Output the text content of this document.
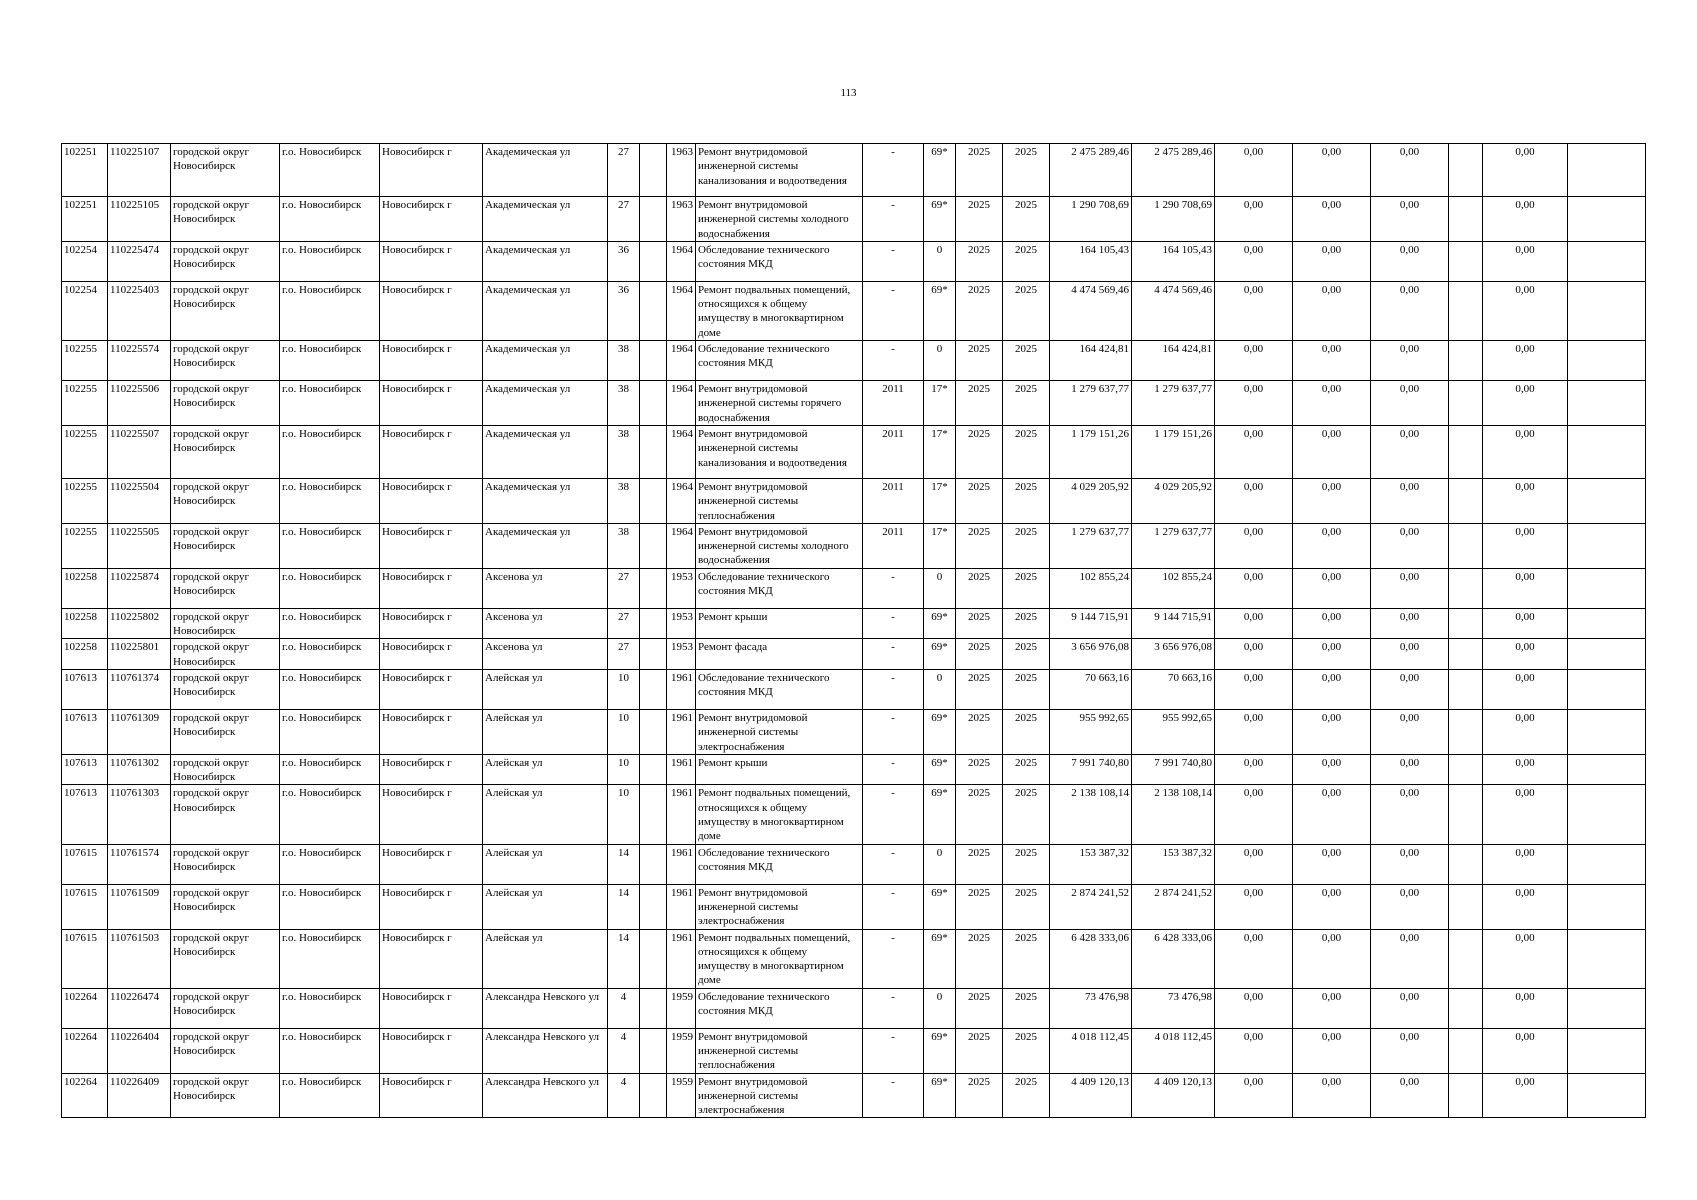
113
102251	110225107	городской округ Новосибирск	г.о. Новосибирск	Новосибирск г	Академическая ул	27		1963	Ремонт внутридомовой инженерной системы канализования и водоотведения	-	69*	2025	2025	2 475 289,46	2 475 289,46	0,00	0,00	0,00		0,00	
102251	110225105	городской округ Новосибирск	г.о. Новосибирск	Новосибирск г	Академическая ул	27		1963	Ремонт внутридомовой инженерной системы холодного водоснабжения	-	69*	2025	2025	1 290 708,69	1 290 708,69	0,00	0,00	0,00		0,00	
102254	110225474	городской округ Новосибирск	г.о. Новосибирск	Новосибирск г	Академическая ул	36		1964	Обследование технического состояния МКД	-	0	2025	2025	164 105,43	164 105,43	0,00	0,00	0,00		0,00	
102254	110225403	городской округ Новосибирск	г.о. Новосибирск	Новосибирск г	Академическая ул	36		1964	Ремонт подвальных помещений, относящихся к общему имуществу в многоквартирном доме	-	69*	2025	2025	4 474 569,46	4 474 569,46	0,00	0,00	0,00		0,00	
102255	110225574	городской округ Новосибирск	г.о. Новосибирск	Новосибирск г	Академическая ул	38		1964	Обследование технического состояния МКД	-	0	2025	2025	164 424,81	164 424,81	0,00	0,00	0,00		0,00	
102255	110225506	городской округ Новосибирск	г.о. Новосибирск	Новосибирск г	Академическая ул	38		1964	Ремонт внутридомовой инженерной системы горячего водоснабжения	2011	17*	2025	2025	1 279 637,77	1 279 637,77	0,00	0,00	0,00		0,00	
102255	110225507	городской округ Новосибирск	г.о. Новосибирск	Новосибирск г	Академическая ул	38		1964	Ремонт внутридомовой инженерной системы канализования и водоотведения	2011	17*	2025	2025	1 179 151,26	1 179 151,26	0,00	0,00	0,00		0,00	
102255	110225504	городской округ Новосибирск	г.о. Новосибирск	Новосибирск г	Академическая ул	38		1964	Ремонт внутридомовой инженерной системы теплоснабжения	2011	17*	2025	2025	4 029 205,92	4 029 205,92	0,00	0,00	0,00		0,00	
102255	110225505	городской округ Новосибирск	г.о. Новосибирск	Новосибирск г	Академическая ул	38		1964	Ремонт внутридомовой инженерной системы холодного водоснабжения	2011	17*	2025	2025	1 279 637,77	1 279 637,77	0,00	0,00	0,00		0,00	
102258	110225874	городской округ Новосибирск	г.о. Новосибирск	Новосибирск г	Аксенова ул	27		1953	Обследование технического состояния МКД	-	0	2025	2025	102 855,24	102 855,24	0,00	0,00	0,00		0,00	
102258	110225802	городской округ Новосибирск	г.о. Новосибирск	Новосибирск г	Аксенова ул	27		1953	Ремонт крыши	-	69*	2025	2025	9 144 715,91	9 144 715,91	0,00	0,00	0,00		0,00	
102258	110225801	городской округ Новосибирск	г.о. Новосибирск	Новосибирск г	Аксенова ул	27		1953	Ремонт фасада	-	69*	2025	2025	3 656 976,08	3 656 976,08	0,00	0,00	0,00		0,00	
107613	110761374	городской округ Новосибирск	г.о. Новосибирск	Новосибирск г	Алейская ул	10		1961	Обследование технического состояния МКД	-	0	2025	2025	70 663,16	70 663,16	0,00	0,00	0,00		0,00	
107613	110761309	городской округ Новосибирск	г.о. Новосибирск	Новосибирск г	Алейская ул	10		1961	Ремонт внутридомовой инженерной системы электроснабжения	-	69*	2025	2025	955 992,65	955 992,65	0,00	0,00	0,00		0,00	
107613	110761302	городской округ Новосибирск	г.о. Новосибирск	Новосибирск г	Алейская ул	10		1961	Ремонт крыши	-	69*	2025	2025	7 991 740,80	7 991 740,80	0,00	0,00	0,00		0,00	
107613	110761303	городской округ Новосибирск	г.о. Новосибирск	Новосибирск г	Алейская ул	10		1961	Ремонт подвальных помещений, относящихся к общему имуществу в многоквартирном доме	-	69*	2025	2025	2 138 108,14	2 138 108,14	0,00	0,00	0,00		0,00	
107615	110761574	городской округ Новосибирск	г.о. Новосибирск	Новосибирск г	Алейская ул	14		1961	Обследование технического состояния МКД	-	0	2025	2025	153 387,32	153 387,32	0,00	0,00	0,00		0,00	
107615	110761509	городской округ Новосибирск	г.о. Новосибирск	Новосибирск г	Алейская ул	14		1961	Ремонт внутридомовой инженерной системы электроснабжения	-	69*	2025	2025	2 874 241,52	2 874 241,52	0,00	0,00	0,00		0,00	
107615	110761503	городской округ Новосибирск	г.о. Новосибирск	Новосибирск г	Алейская ул	14		1961	Ремонт подвальных помещений, относящихся к общему имуществу в многоквартирном доме	-	69*	2025	2025	6 428 333,06	6 428 333,06	0,00	0,00	0,00		0,00	
102264	110226474	городской округ Новосибирск	г.о. Новосибирск	Новосибирск г	Александра Невского ул	4		1959	Обследование технического состояния МКД	-	0	2025	2025	73 476,98	73 476,98	0,00	0,00	0,00		0,00	
102264	110226404	городской округ Новосибирск	г.о. Новосибирск	Новосибирск г	Александра Невского ул	4		1959	Ремонт внутридомовой инженерной системы теплоснабжения	-	69*	2025	2025	4 018 112,45	4 018 112,45	0,00	0,00	0,00		0,00	
102264	110226409	городской округ Новосибирск	г.о. Новосибирск	Новосибирск г	Александра Невского ул	4		1959	Ремонт внутридомовой инженерной системы электроснабжения	-	69*	2025	2025	4 409 120,13	4 409 120,13	0,00	0,00	0,00		0,00	
